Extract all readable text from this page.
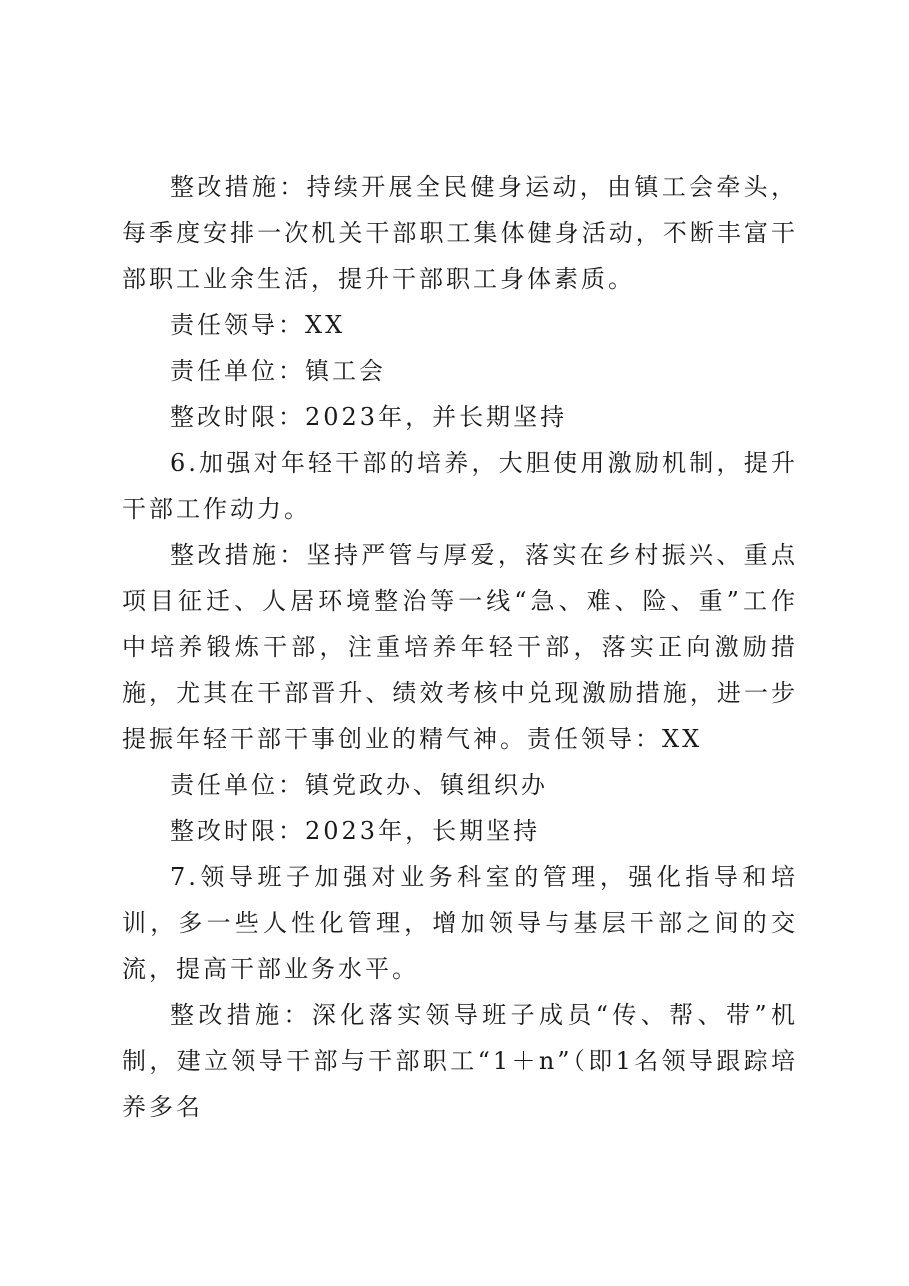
整改措施：持续开展全民健身运动，由镇工会牵头，每季度安排一次机关干部职工集体健身活动，不断丰富干部职工业余生活，提升干部职工身体素质。

责任领导：XX

责任单位：镇工会

整改时限：2023年，并长期坚持

6.加强对年轻干部的培养，大胆使用激励机制，提升干部工作动力。

整改措施：坚持严管与厚爱，落实在乡村振兴、重点项目征迁、人居环境整治等一线“急、难、险、重”工作中培养锻炼干部，注重培养年轻干部，落实正向激励措施，尤其在干部晋升、绩效考核中兑现激励措施，进一步提振年轻干部干事创业的精气神。责任领导：XX

责任单位：镇党政办、镇组织办

整改时限：2023年，长期坚持

7.领导班子加强对业务科室的管理，强化指导和培训，多一些人性化管理，增加领导与基层干部之间的交流，提高干部业务水平。

整改措施：深化落实领导班子成员“传、帮、带”机制，建立领导干部与干部职工“1＋n”（即1名领导跟踪培养多名
